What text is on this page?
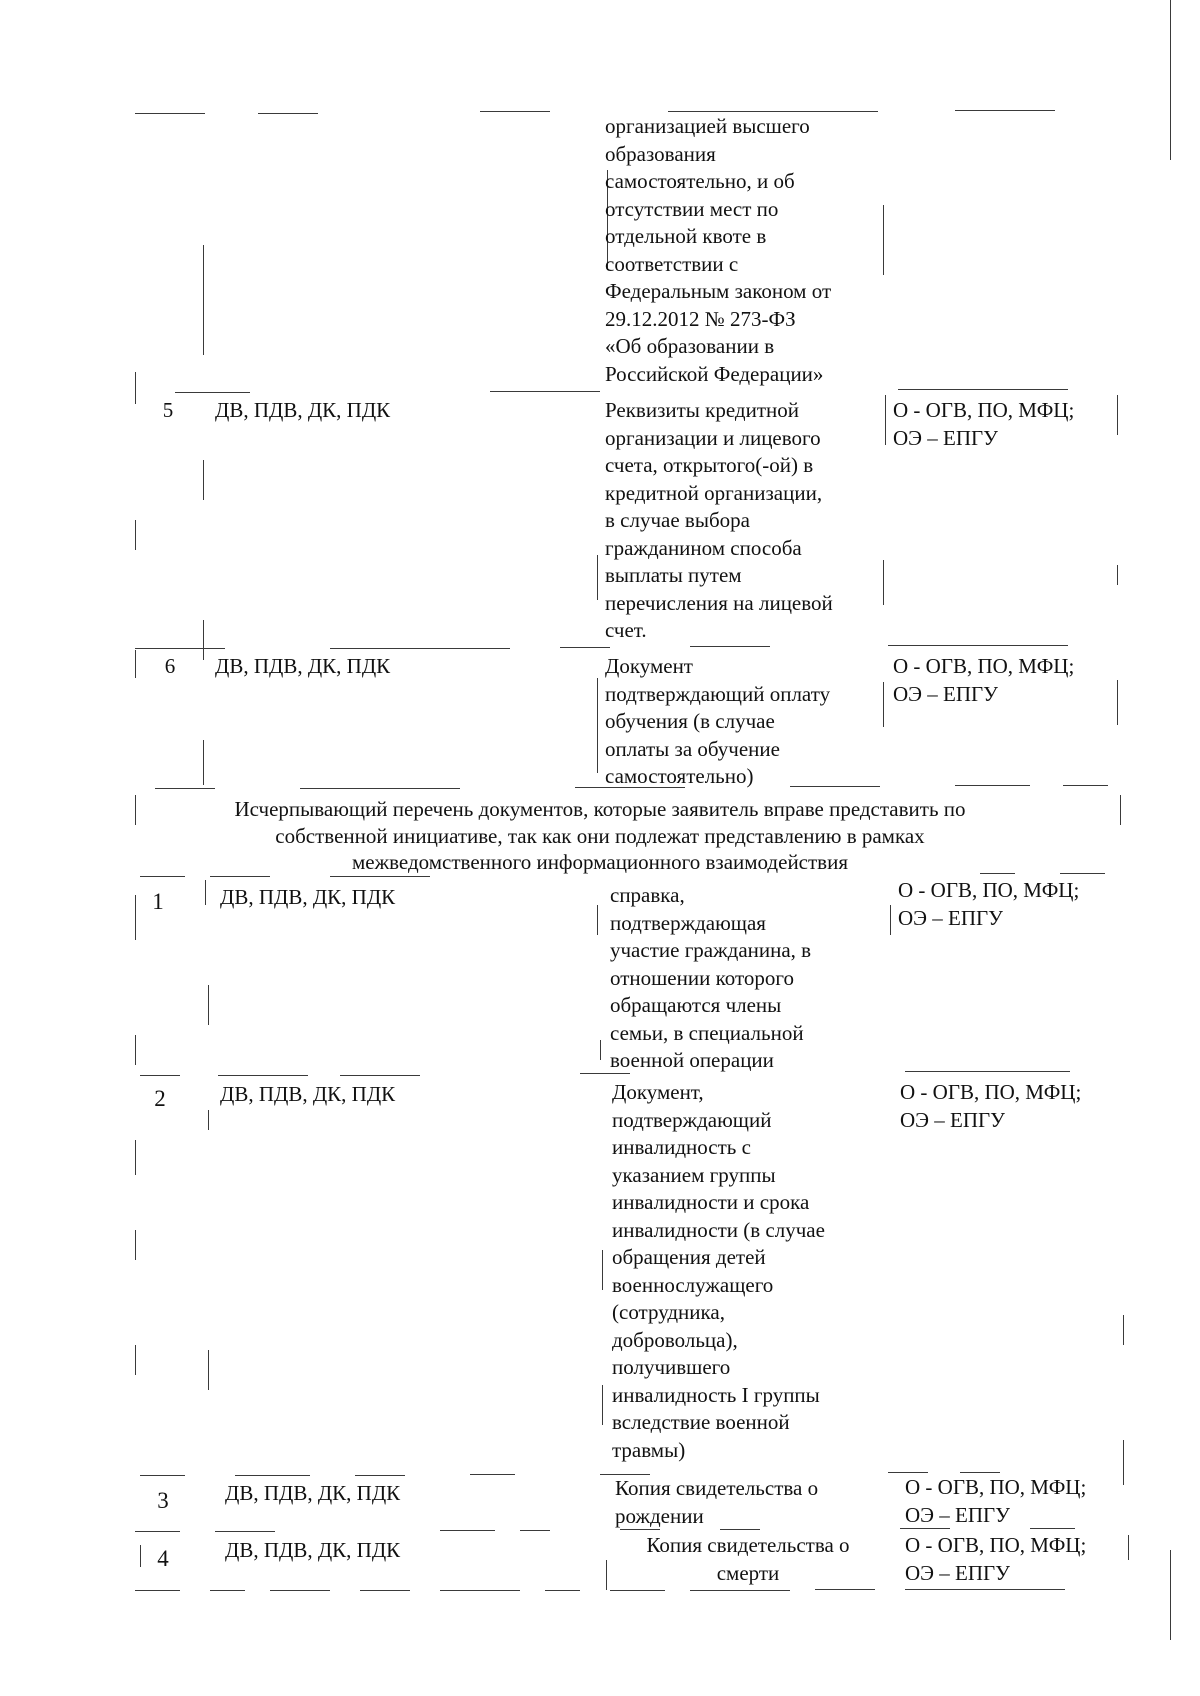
организацией высшего
образования
самостоятельно, и об
отсутствии мест по
отдельной квоте в
соответствии с
Федеральным законом от
29.12.2012 № 273-ФЗ
«Об образовании в
Российской Федерации»
5	ДВ, ПДВ, ДК, ПДК	Реквизиты кредитной
организации и лицевого
счета, открытого(-ой) в
кредитной организации,
в случае выбора
гражданином способа
выплаты путем
перечисления на лицевой
счет.
О - ОГВ, ПО, МФЦ;
ОЭ – ЕПГУ
6	ДВ, ПДВ, ДК, ПДК	Документ
подтверждающий оплату
обучения (в случае
оплаты за обучение
самостоятельно)
О - ОГВ, ПО, МФЦ;
ОЭ – ЕПГУ
Исчерпывающий перечень документов, которые заявитель вправе представить по
собственной инициативе, так как они подлежат представлению в рамках
межведомственного информационного взаимодействия
1	ДВ, ПДВ, ДК, ПДК	справка,
подтверждающая
участие гражданина, в
отношении которого
обращаются члены
семьи, в специальной
военной операции
О - ОГВ, ПО, МФЦ;
ОЭ – ЕПГУ
2	ДВ, ПДВ, ДК, ПДК	Документ,
подтверждающий
инвалидность с
указанием группы
инвалидности и срока
инвалидности (в случае
обращения детей
военнослужащего
(сотрудника,
добровольца),
получившего
инвалидность I группы
вследствие военной
травмы)
О - ОГВ, ПО, МФЦ;
ОЭ – ЕПГУ
3	ДВ, ПДВ, ДК, ПДК	Копия свидетельства о
рождении
О - ОГВ, ПО, МФЦ;
ОЭ – ЕПГУ
4	ДВ, ПДВ, ДК, ПДК	Копия свидетельства о
смерти
О - ОГВ, ПО, МФЦ;
ОЭ – ЕПГУ
